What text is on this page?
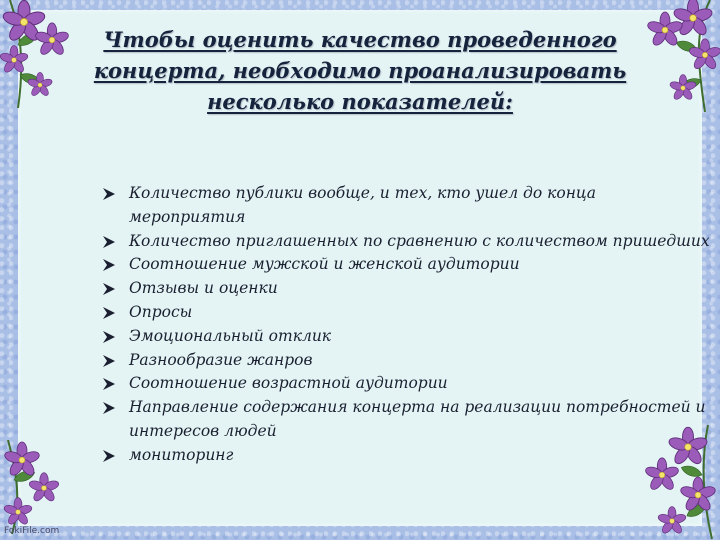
Чтобы оценить качество проведенного концерта, необходимо проанализировать несколько показателей:
Количество публики вообще, и тех, кто ушел до конца мероприятия
Количество приглашенных по сравнению с количеством пришедших
Соотношение мужской и женской аудитории
Отзывы и оценки
Опросы
Эмоциональный отклик
Разнообразие жанров
Соотношение возрастной аудитории
Направление содержания концерта на реализации потребностей и интересов людей
мониторинг
FokiFile.com
